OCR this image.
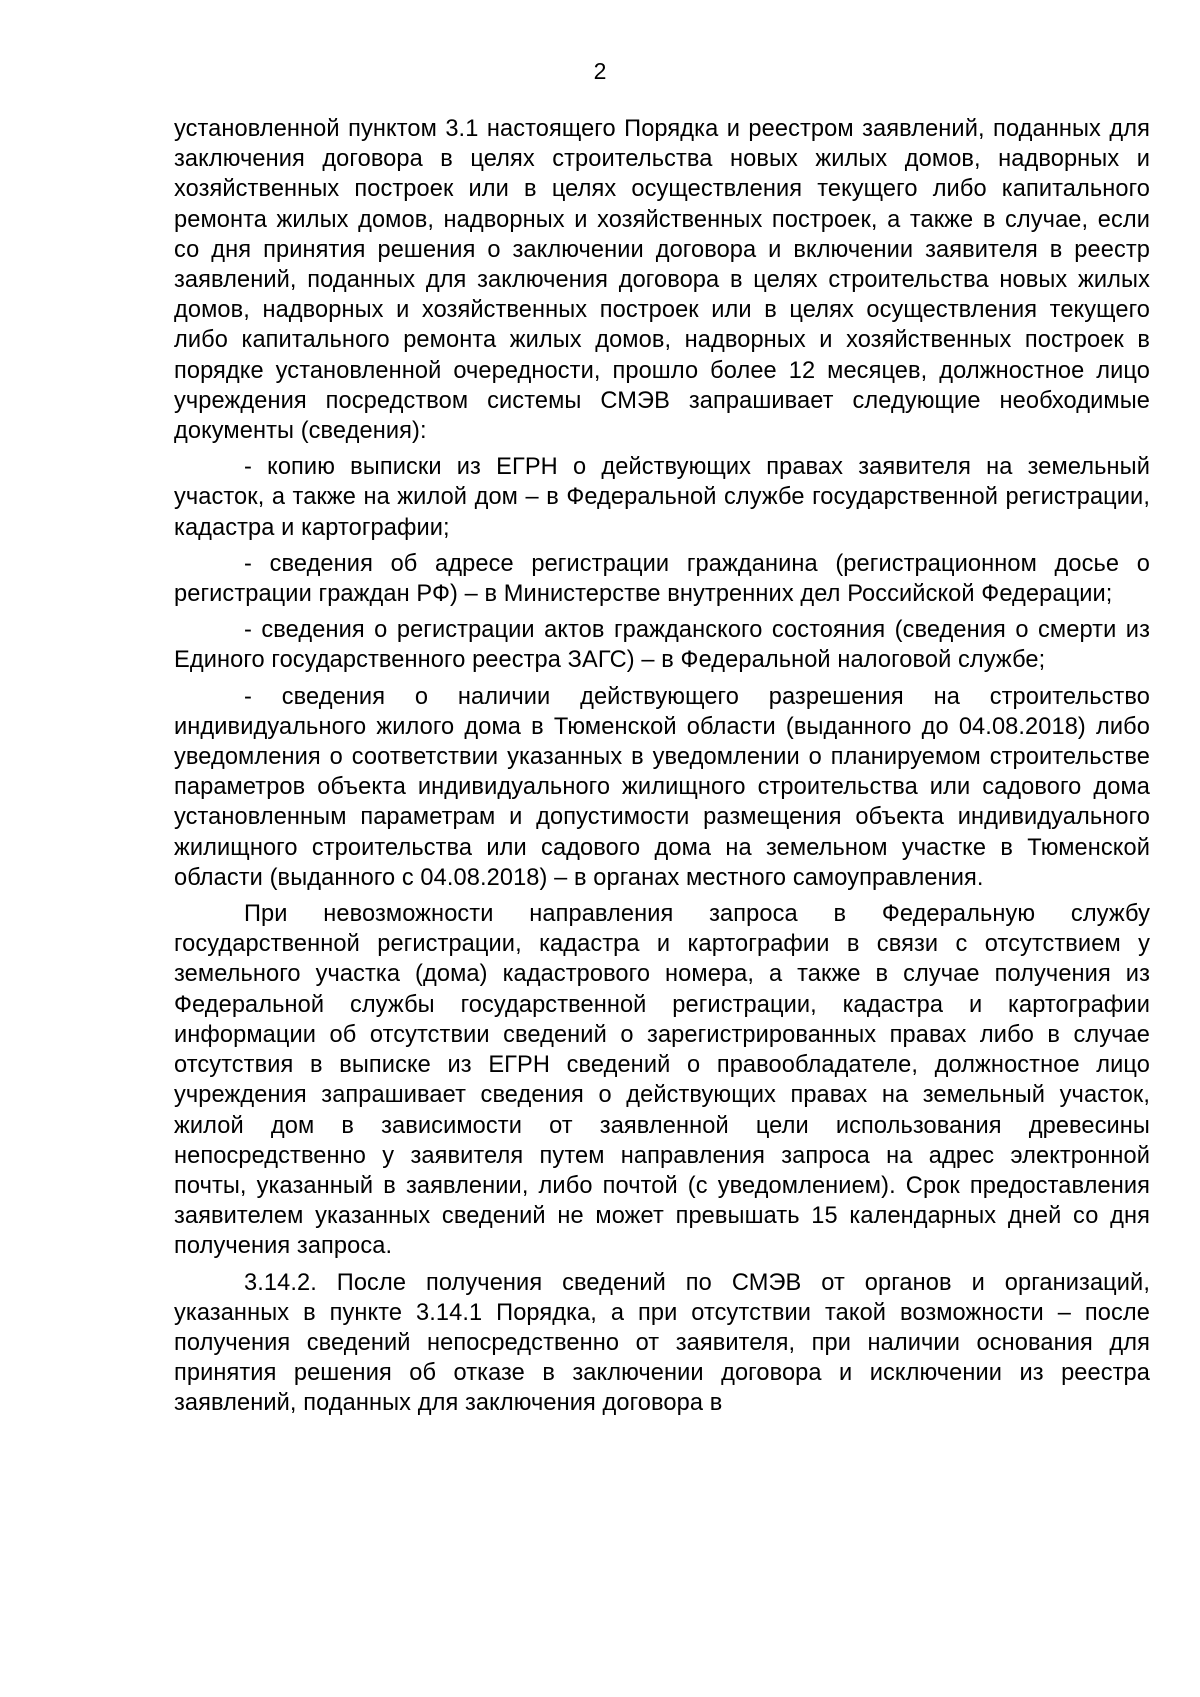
2

установленной пунктом 3.1 настоящего Порядка и реестром заявлений, поданных для заключения договора в целях строительства новых жилых домов, надворных и хозяйственных построек или в целях осуществления текущего либо капитального ремонта жилых домов, надворных и хозяйственных построек, а также в случае, если со дня принятия решения о заключении договора и включении заявителя в реестр заявлений, поданных для заключения договора в целях строительства новых жилых домов, надворных и хозяйственных построек или в целях осуществления текущего либо капитального ремонта жилых домов, надворных и хозяйственных построек в порядке установленной очередности, прошло более 12 месяцев, должностное лицо учреждения посредством системы СМЭВ запрашивает следующие необходимые документы (сведения):

- копию выписки из ЕГРН о действующих правах заявителя на земельный участок, а также на жилой дом – в Федеральной службе государственной регистрации, кадастра и картографии;

- сведения об адресе регистрации гражданина (регистрационном досье о регистрации граждан РФ) – в Министерстве внутренних дел Российской Федерации;

- сведения о регистрации актов гражданского состояния (сведения о смерти из Единого государственного реестра ЗАГС) – в Федеральной налоговой службе;

- сведения о наличии действующего разрешения на строительство индивидуального жилого дома в Тюменской области (выданного до 04.08.2018) либо уведомления о соответствии указанных в уведомлении о планируемом строительстве параметров объекта индивидуального жилищного строительства или садового дома установленным параметрам и допустимости размещения объекта индивидуального жилищного строительства или садового дома на земельном участке в Тюменской области (выданного с 04.08.2018) – в органах местного самоуправления.

При невозможности направления запроса в Федеральную службу государственной регистрации, кадастра и картографии в связи с отсутствием у земельного участка (дома) кадастрового номера, а также в случае получения из Федеральной службы государственной регистрации, кадастра и картографии информации об отсутствии сведений о зарегистрированных правах либо в случае отсутствия в выписке из ЕГРН сведений о правообладателе, должностное лицо учреждения запрашивает сведения о действующих правах на земельный участок, жилой дом в зависимости от заявленной цели использования древесины непосредственно у заявителя путем направления запроса на адрес электронной почты, указанный в заявлении, либо почтой (с уведомлением). Срок предоставления заявителем указанных сведений не может превышать 15 календарных дней со дня получения запроса.

3.14.2. После получения сведений по СМЭВ от органов и организаций, указанных в пункте 3.14.1 Порядка, а при отсутствии такой возможности – после получения сведений непосредственно от заявителя, при наличии основания для принятия решения об отказе в заключении договора и исключении из реестра заявлений, поданных для заключения договора в
